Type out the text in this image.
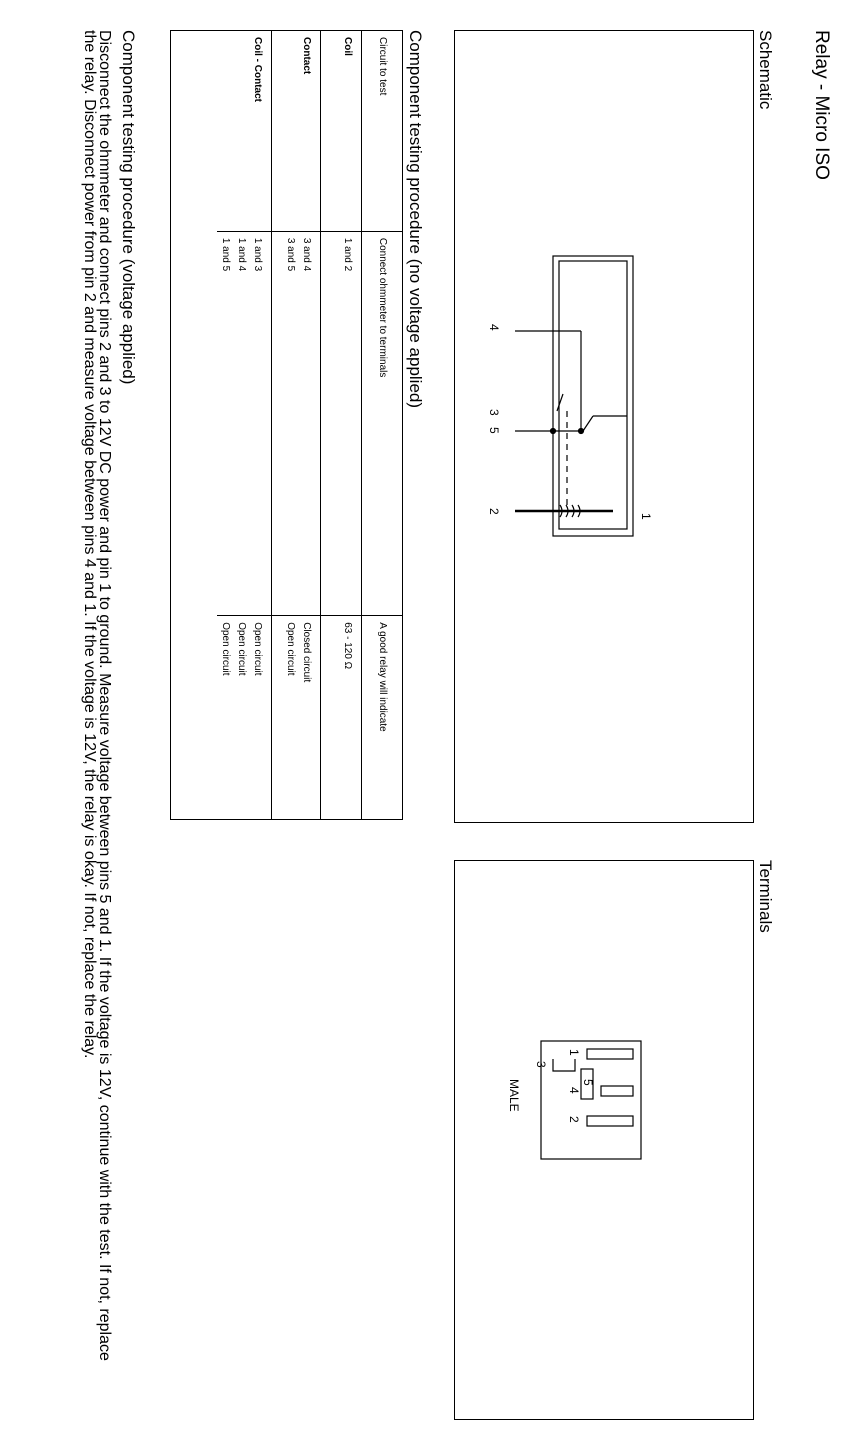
Relay - Micro ISO
Schematic
4
3
5
2
1
Terminals
1
2
3
4
5
MALE
Component testing procedure (no voltage applied)
Circuit to test	Connect ohmmeter to terminals	A good relay will indicate
Coil	1 and 2	63 - 120 Ω
Contact	3 and 4	Closed circuit
	3 and 5	Open circuit
Coil - Contact	1 and 3	Open circuit
	1 and 4	Open circuit
	1 and 5	Open circuit
Component testing procedure (voltage applied)
Disconnect the ohmmeter and connect pins 2 and 3 to 12V DC power and pin 1 to ground. Measure voltage between pins 5 and 1. If the voltage is 12V, continue with the test. If not, replace the relay. Disconnect power from pin 2 and measure voltage between pins 4 and 1. If the voltage is 12V, the relay is okay. If not, replace the relay.
